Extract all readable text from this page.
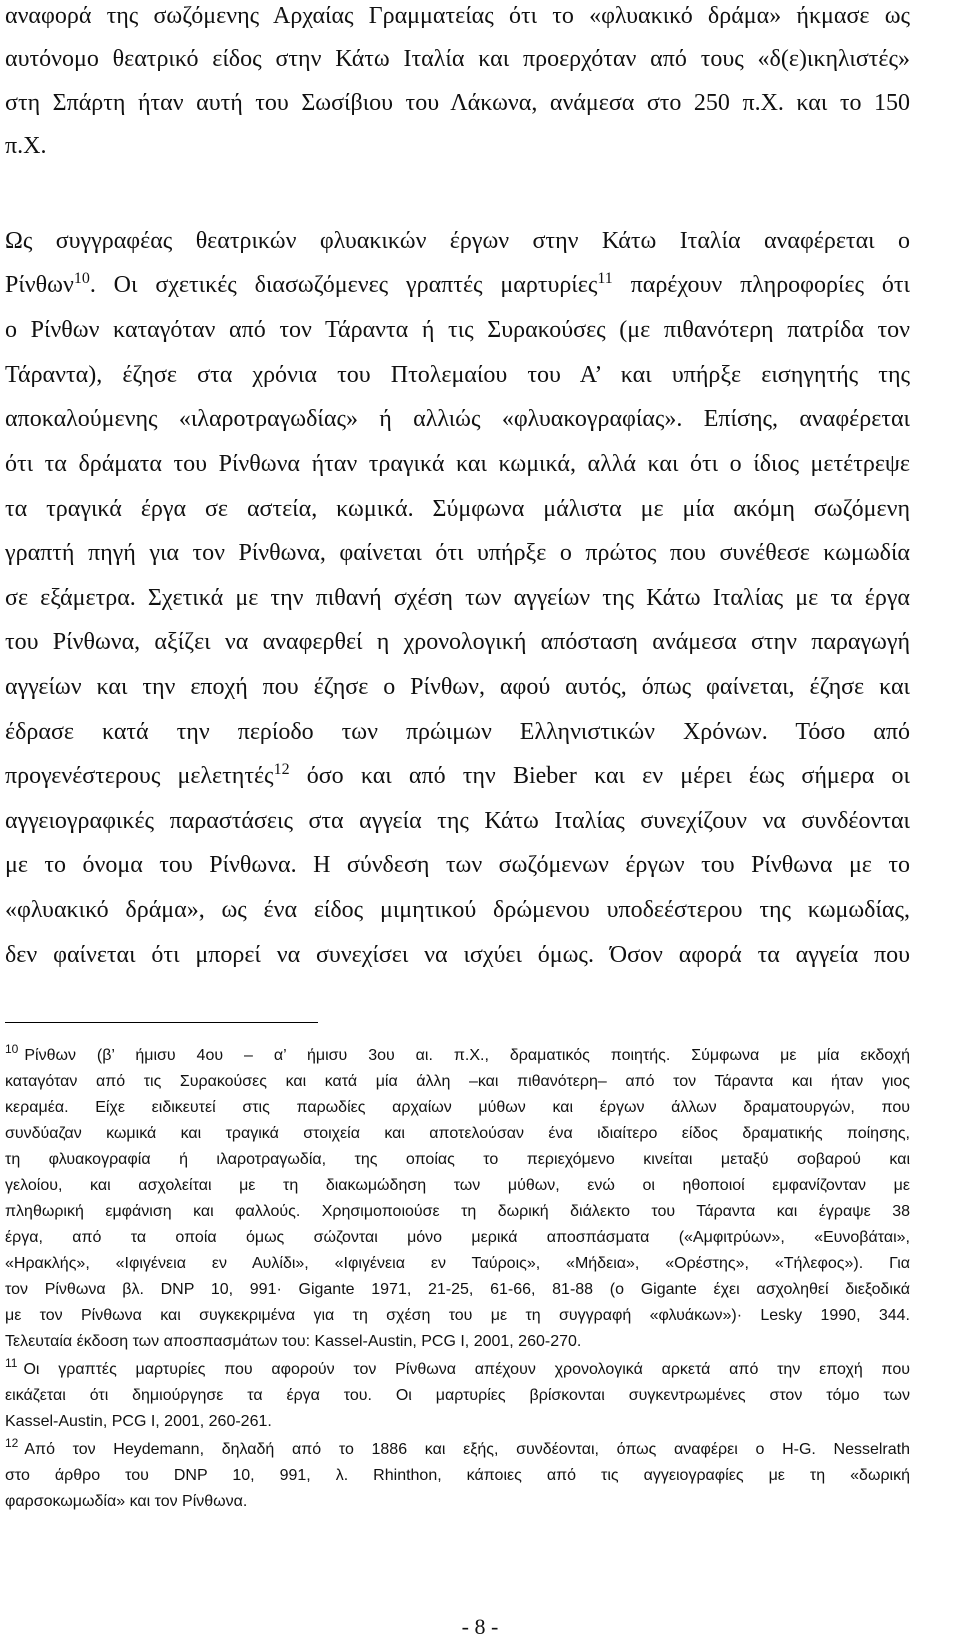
αναφορά της σωζόμενης Αρχαίας Γραμματείας ότι το «φλυακικό δράμα» ήκμασε ως
αυτόνομο θεατρικό είδος στην Κάτω Ιταλία και προερχόταν από τους «δ(ε)ικηλιστές»
στη Σπάρτη ήταν αυτή του Σωσίβιου του Λάκωνα, ανάμεσα στο 250 π.Χ. και το 150
π.Χ.
Ως συγγραφέας θεατρικών φλυακικών έργων στην Κάτω Ιταλία αναφέρεται ο
Ρίνθων$^{10}$. Οι σχετικές διασωζόμενες γραπτές μαρτυρίες$^{11}$ παρέχουν πληροφορίες ότι
ο Ρίνθων καταγόταν από τον Τάραντα ή τις Συρακούσες (με πιθανότερη πατρίδα τον
Τάραντα), έζησε στα χρόνια του Πτολεμαίου του Α’ και υπήρξε εισηγητής της
αποκαλούμενης «ιλαροτραγωδίας» ή αλλιώς «φλυακογραφίας». Επίσης, αναφέρεται
ότι τα δράματα του Ρίνθωνα ήταν τραγικά και κωμικά, αλλά και ότι ο ίδιος μετέτρεψε
τα τραγικά έργα σε αστεία, κωμικά. Σύμφωνα μάλιστα με μία ακόμη σωζόμενη
γραπτή πηγή για τον Ρίνθωνα, φαίνεται ότι υπήρξε ο πρώτος που συνέθεσε κωμωδία
σε εξάμετρα. Σχετικά με την πιθανή σχέση των αγγείων της Κάτω Ιταλίας με τα έργα
του Ρίνθωνα, αξίζει να αναφερθεί η χρονολογική απόσταση ανάμεσα στην παραγωγή
αγγείων και την εποχή που έζησε ο Ρίνθων, αφού αυτός, όπως φαίνεται, έζησε και
έδρασε κατά την περίοδο των πρώιμων Ελληνιστικών Χρόνων. Τόσο από
προγενέστερους μελετητές$^{12}$ όσο και από την Bieber και εν μέρει έως σήμερα οι
αγγειογραφικές παραστάσεις στα αγγεία της Κάτω Ιταλίας συνεχίζουν να συνδέονται
με το όνομα του Ρίνθωνα. Η σύνδεση των σωζόμενων έργων του Ρίνθωνα με το
«φλυακικό δράμα», ως ένα είδος μιμητικού δρώμενου υποδεέστερου της κωμωδίας,
δεν φαίνεται ότι μπορεί να συνεχίσει να ισχύει όμως. Όσον αφορά τα αγγεία που
$^{10}$ Ρίνθων (β’ ήμισυ 4ου – α’ ήμισυ 3ου αι. π.Χ., δραματικός ποιητής. Σύμφωνα με μία εκδοχή
καταγόταν από τις Συρακούσες και κατά μία άλλη –και πιθανότερη– από τον Τάραντα και ήταν γιος
κεραμέα. Είχε ειδικευτεί στις παρωδίες αρχαίων μύθων και έργων άλλων δραματουργών, που
συνδύαζαν κωμικά και τραγικά στοιχεία και αποτελούσαν ένα ιδιαίτερο είδος δραματικής ποίησης,
τη φλυακογραφία ή ιλαροτραγωδία, της οποίας το περιεχόμενο κινείται μεταξύ σοβαρού και
γελοίου, και ασχολείται με τη διακωμώδηση των μύθων, ενώ οι ηθοποιοί εμφανίζονταν με
πληθωρική εμφάνιση και φαλλούς. Χρησιμοποιούσε τη δωρική διάλεκτο του Τάραντα και έγραψε 38
έργα, από τα οποία όμως σώζονται μόνο μερικά αποσπάσματα («Αμφιτρύων», «Ευνοβάται»,
«Ηρακλής», «Ιφιγένεια εν Αυλίδι», «Ιφιγένεια εν Ταύροις», «Μήδεια», «Ορέστης», «Τήλεφος»). Για
τον Ρίνθωνα βλ. DNP 10, 991· Gigante 1971, 21-25, 61-66, 81-88 (ο Gigante έχει ασχοληθεί διεξοδικά
με τον Ρίνθωνα και συγκεκριμένα για τη σχέση του με τη συγγραφή «φλυάκων»)· Lesky 1990, 344.
Τελευταία έκδοση των αποσπασμάτων του: Kassel-Austin, PCG I, 2001, 260-270.
$^{11}$ Οι γραπτές μαρτυρίες που αφορούν τον Ρίνθωνα απέχουν χρονολογικά αρκετά από την εποχή που
εικάζεται ότι δημιούργησε τα έργα του. Οι μαρτυρίες βρίσκονται συγκεντρωμένες στον τόμο των
Kassel-Austin, PCG I, 2001, 260-261.
$^{12}$ Από τον Heydemann, δηλαδή από το 1886 και εξής, συνδέονται, όπως αναφέρει ο H-G. Nesselrath
στο άρθρο του DNP 10, 991, λ. Rhinthon, κάποιες από τις αγγειογραφίες με τη «δωρική
φαρσοκωμωδία» και τον Ρίνθωνα.
- 8 -
